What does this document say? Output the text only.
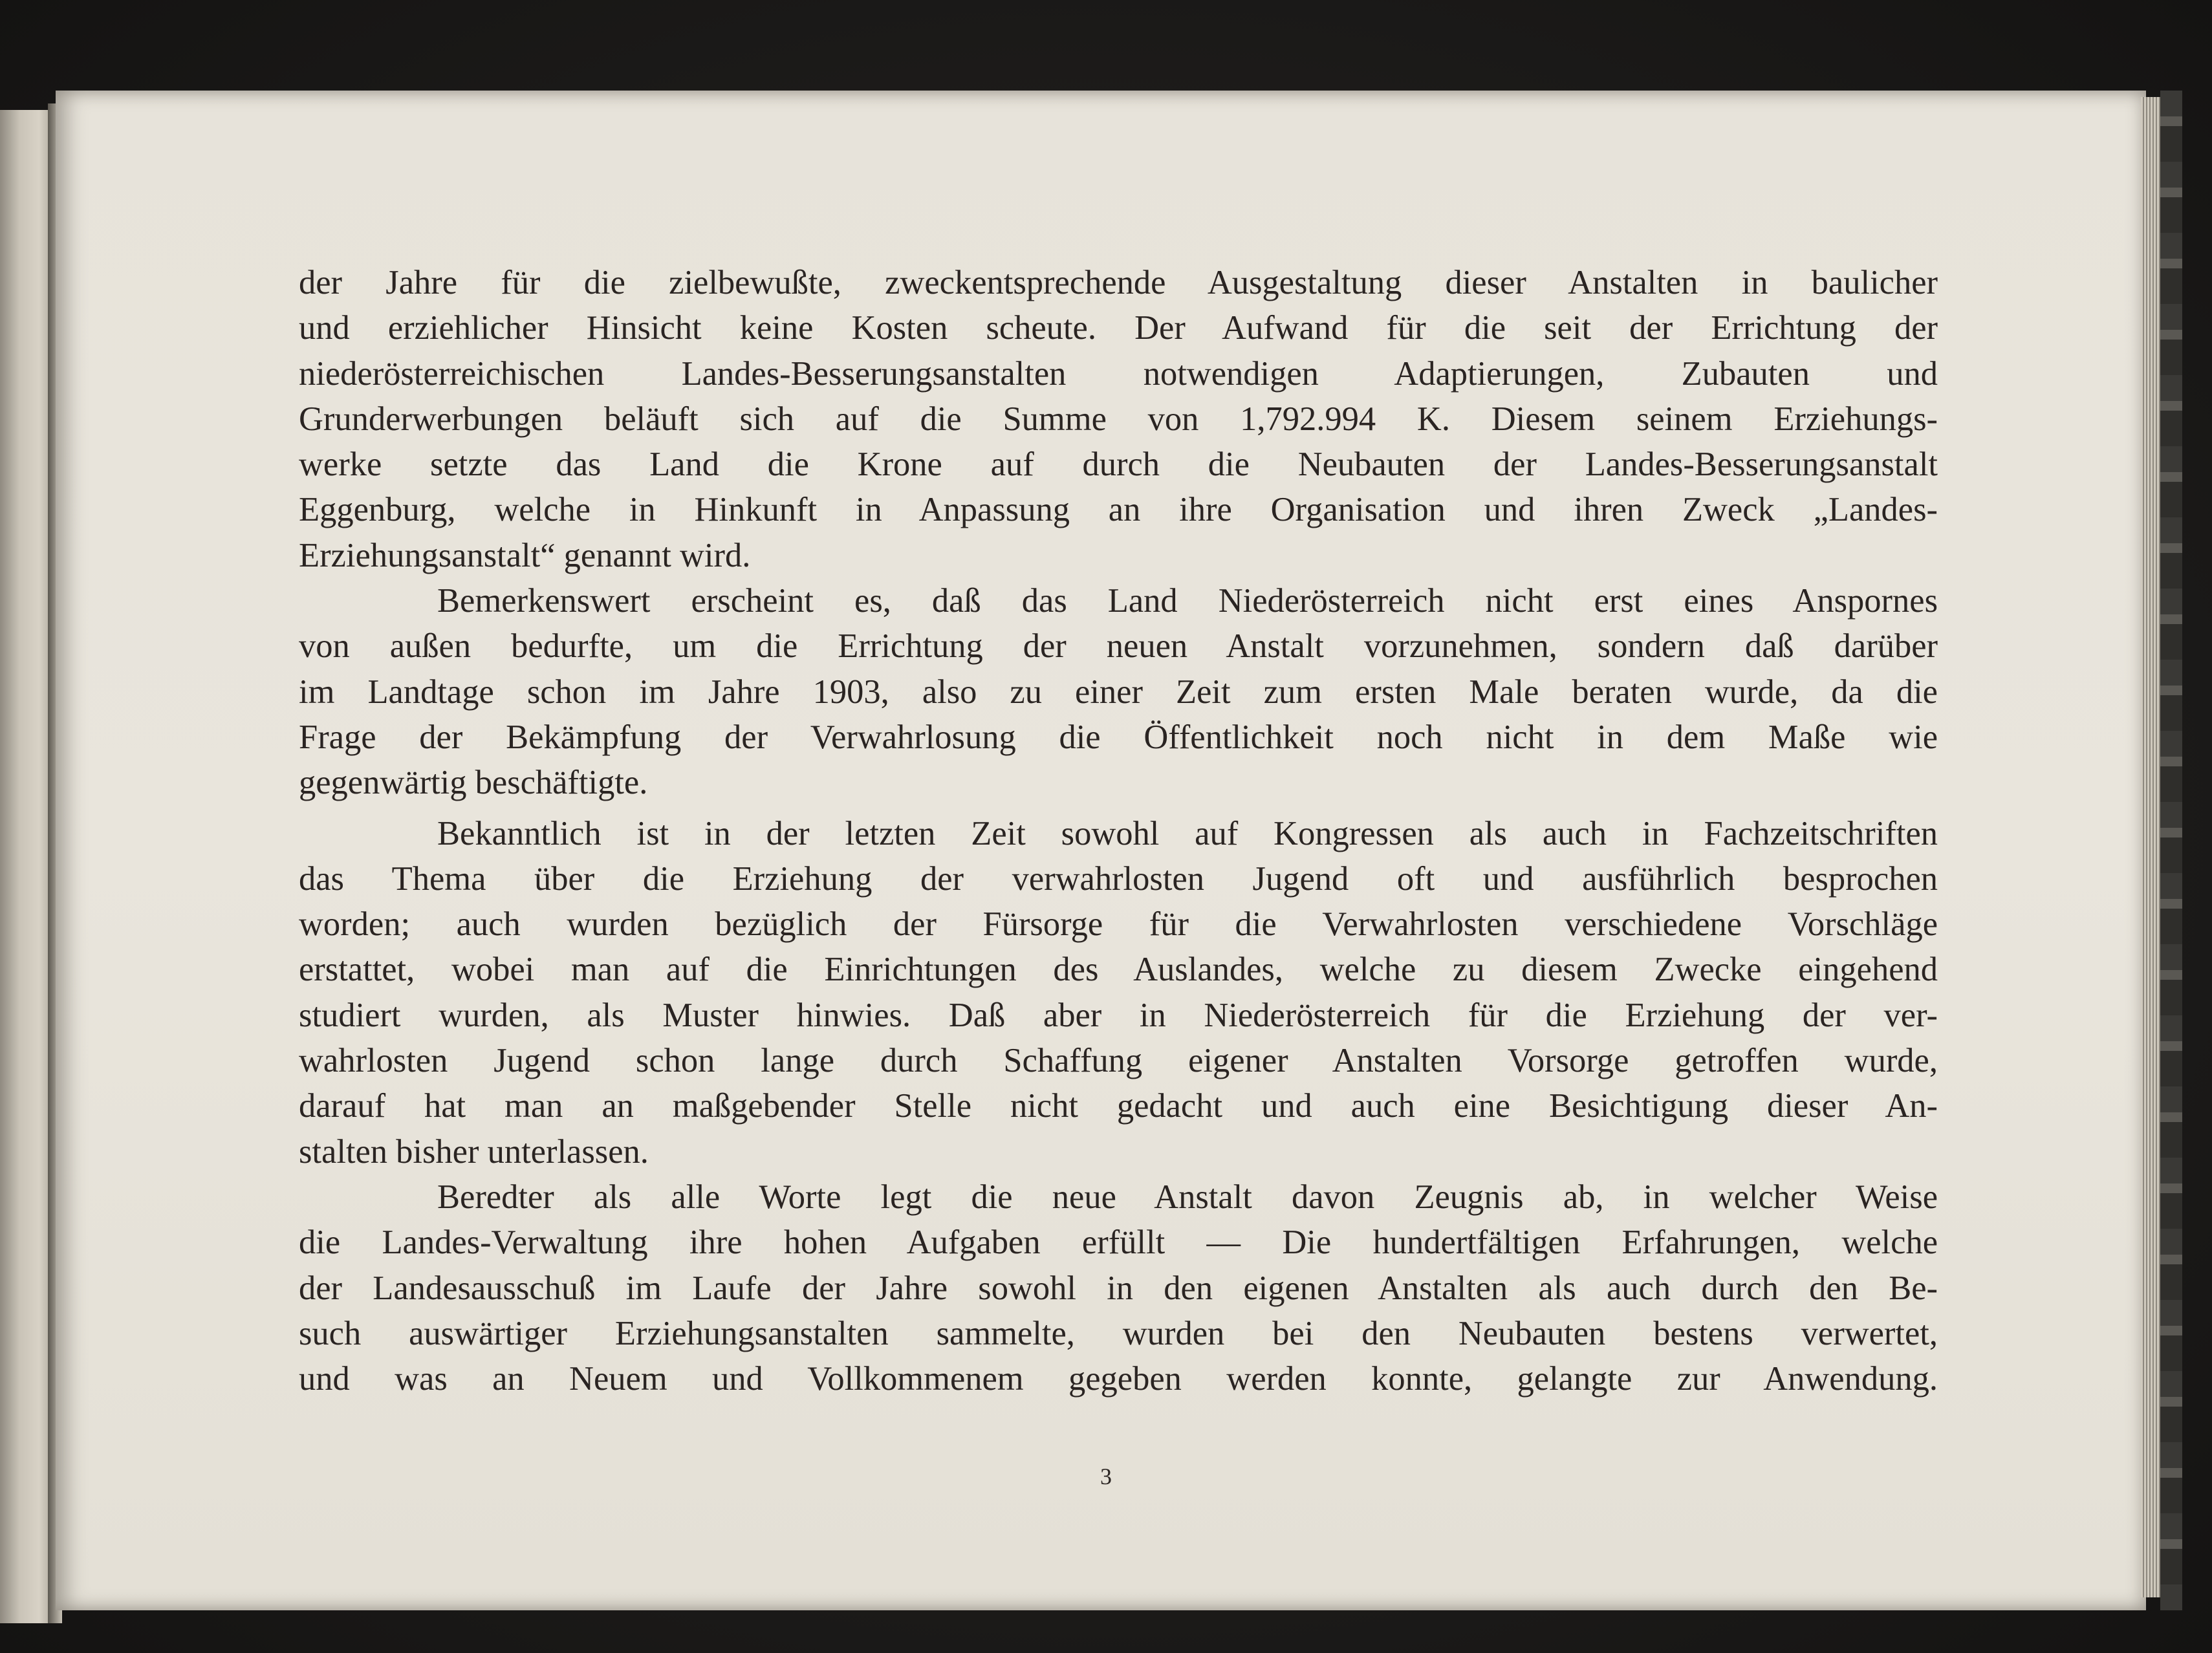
der Jahre für die zielbewußte, zweckentsprechende Ausgestaltung dieser Anstalten in baulicher
und erziehlicher Hinsicht keine Kosten scheute. Der Aufwand für die seit der Errichtung der
niederösterreichischen Landes-Besserungsanstalten notwendigen Adaptierungen, Zubauten und
Grunderwerbungen beläuft sich auf die Summe von 1,792.994 K. Diesem seinem Erziehungs-
werke setzte das Land die Krone auf durch die Neubauten der Landes-Besserungsanstalt
Eggenburg, welche in Hinkunft in Anpassung an ihre Organisation und ihren Zweck „Landes-
Erziehungsanstalt“ genannt wird.
Bemerkenswert erscheint es, daß das Land Niederösterreich nicht erst eines Anspornes
von außen bedurfte, um die Errichtung der neuen Anstalt vorzunehmen, sondern daß darüber
im Landtage schon im Jahre 1903, also zu einer Zeit zum ersten Male beraten wurde, da die
Frage der Bekämpfung der Verwahrlosung die Öffentlichkeit noch nicht in dem Maße wie
gegenwärtig beschäftigte.
Bekanntlich ist in der letzten Zeit sowohl auf Kongressen als auch in Fachzeitschriften
das Thema über die Erziehung der verwahrlosten Jugend oft und ausführlich besprochen
worden; auch wurden bezüglich der Fürsorge für die Verwahrlosten verschiedene Vorschläge
erstattet, wobei man auf die Einrichtungen des Auslandes, welche zu diesem Zwecke eingehend
studiert wurden, als Muster hinwies. Daß aber in Niederösterreich für die Erziehung der ver-
wahrlosten Jugend schon lange durch Schaffung eigener Anstalten Vorsorge getroffen wurde,
darauf hat man an maßgebender Stelle nicht gedacht und auch eine Besichtigung dieser An-
stalten bisher unterlassen.
Beredter als alle Worte legt die neue Anstalt davon Zeugnis ab, in welcher Weise
die Landes-Verwaltung ihre hohen Aufgaben erfüllt — Die hundertfältigen Erfahrungen, welche
der Landesausschuß im Laufe der Jahre sowohl in den eigenen Anstalten als auch durch den Be-
such auswärtiger Erziehungsanstalten sammelte, wurden bei den Neubauten bestens verwertet,
und was an Neuem und Vollkommenem gegeben werden konnte, gelangte zur Anwendung.
3
